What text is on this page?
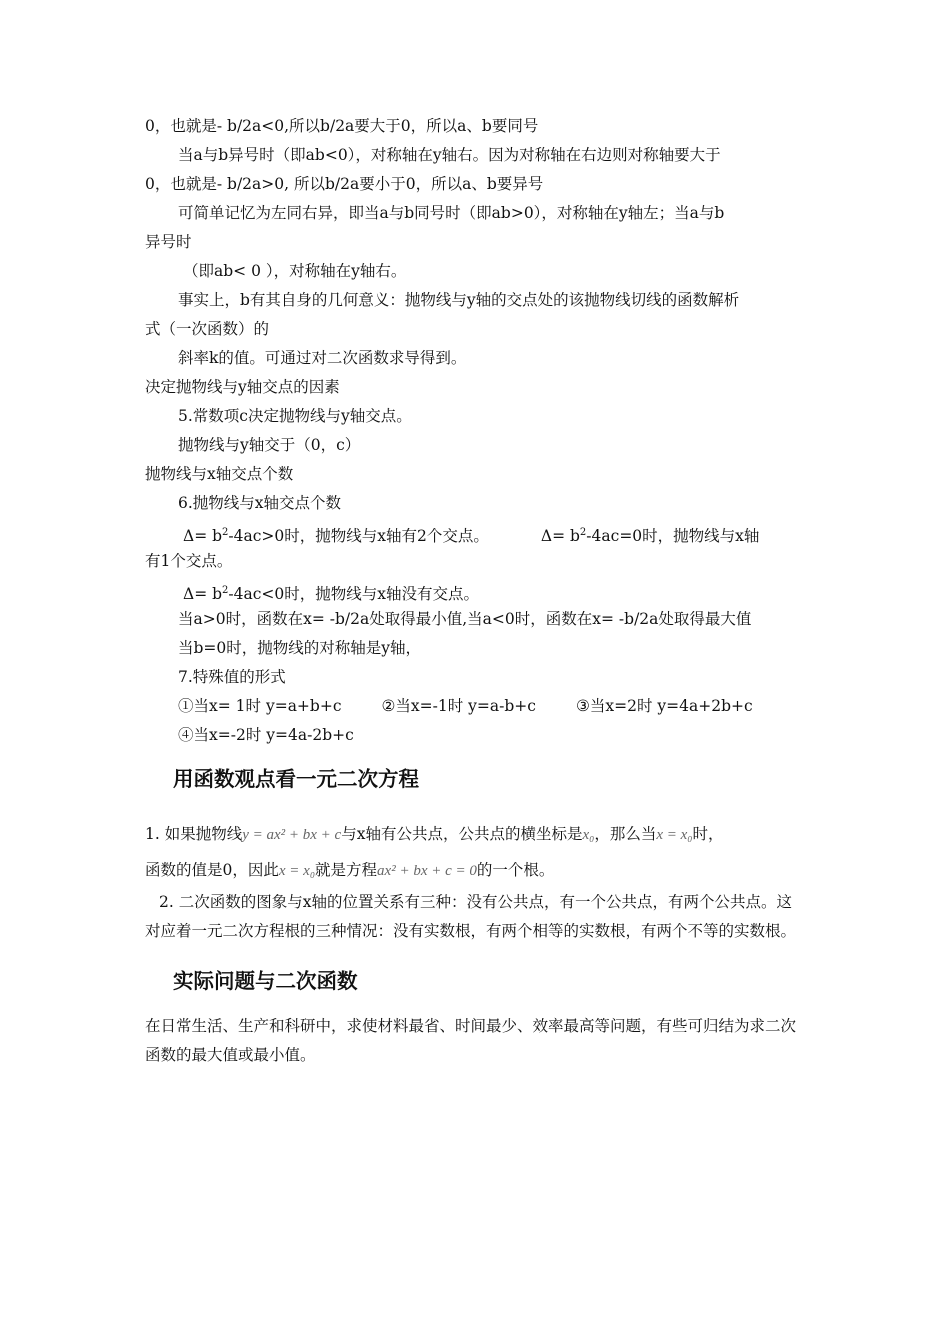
0，也就是- b/2a<0,所以b/2a要大于0，所以a、b要同号
当a与b异号时（即ab<0），对称轴在y轴右。因为对称轴在右边则对称轴要大于
0，也就是- b/2a>0, 所以b/2a要小于0，所以a、b要异号
可简单记忆为左同右异，即当a与b同号时（即ab>0），对称轴在y轴左；当a与b
异号时
（即ab< 0 ），对称轴在y轴右。
事实上，b有其自身的几何意义：抛物线与y轴的交点处的该抛物线切线的函数解析
式（一次函数）的
斜率k的值。可通过对二次函数求导得到。
决定抛物线与y轴交点的因素
5.常数项c决定抛物线与y轴交点。
抛物线与y轴交于（0，c）
抛物线与x轴交点个数
6.抛物线与x轴交点个数
$\Delta= b^2-4ac>0$时，抛物线与x轴有2个交点。	$\Delta= b^2-4ac=0$时，抛物线与x轴
有1个交点。
$\Delta= b^2-4ac<0$时，抛物线与x轴没有交点。
当a>0时，函数在x= -b/2a处取得最小值,当a<0时，函数在x= -b/2a处取得最大值
当b=0时，抛物线的对称轴是y轴，
7.特殊值的形式
①当x= 1时 y=a+b+c	②当x=-1时 y=a-b+c	③当x=2时 y=4a+2b+c
④当x=-2时 y=4a-2b+c
用函数观点看一元二次方程
1. 如果抛物线y = ax² + bx + c与x轴有公共点，公共点的横坐标是x₀，那么当x = x₀时，
函数的值是0，因此x = x₀就是方程ax² + bx + c = 0的一个根。
2. 二次函数的图象与x轴的位置关系有三种：没有公共点，有一个公共点，有两个公共点。这对应着一元二次方程根的三种情况：没有实数根，有两个相等的实数根，有两个不等的实数根。
实际问题与二次函数
在日常生活、生产和科研中，求使材料最省、时间最少、效率最高等问题，有些可归结为求二次函数的最大值或最小值。
